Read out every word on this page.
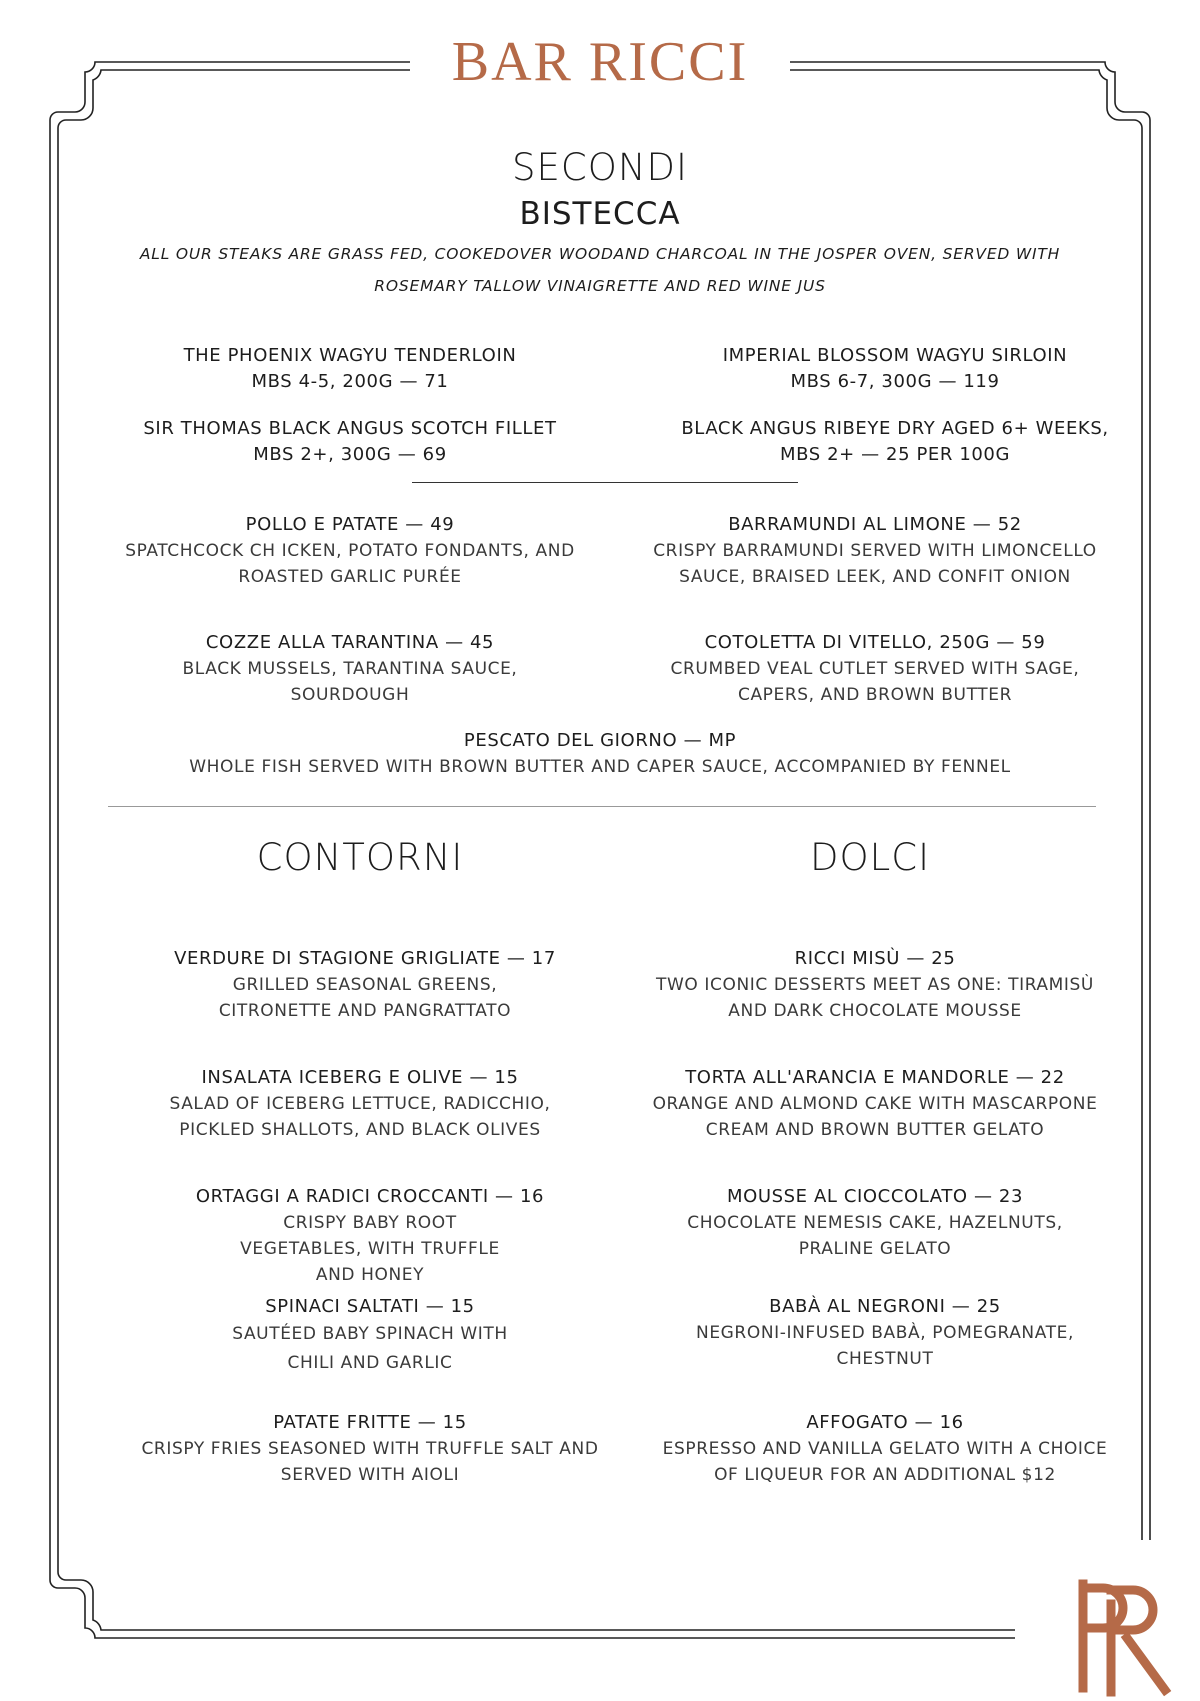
BAR RICCI
SECONDI
BISTECCA
ALL OUR STEAKS ARE GRASS FED, COOKEDOVER WOODAND CHARCOAL IN THE JOSPER OVEN, SERVED WITH ROSEMARY TALLOW VINAIGRETTE AND RED WINE JUS
THE PHOENIX WAGYU TENDERLOIN
MBS 4-5, 200G — 71
IMPERIAL BLOSSOM WAGYU SIRLOIN
MBS 6-7, 300G — 119
SIR THOMAS BLACK ANGUS SCOTCH FILLET
MBS 2+, 300G — 69
BLACK ANGUS RIBEYE DRY AGED 6+ WEEKS,
MBS 2+ — 25 PER 100G
POLLO E PATATE — 49
SPATCHCOCK CH ICKEN, POTATO FONDANTS, AND ROASTED GARLIC PURÉE
BARRAMUNDI AL LIMONE — 52
CRISPY BARRAMUNDI SERVED WITH LIMONCELLO SAUCE, BRAISED LEEK, AND CONFIT ONION
COZZE ALLA TARANTINA — 45
BLACK MUSSELS, TARANTINA SAUCE, SOURDOUGH
COTOLETTA DI VITELLO, 250G — 59
CRUMBED VEAL CUTLET SERVED WITH SAGE, CAPERS, AND BROWN BUTTER
PESCATO DEL GIORNO — MP
WHOLE FISH SERVED WITH BROWN BUTTER AND CAPER SAUCE, ACCOMPANIED BY FENNEL
CONTORNI	DOLCI
VERDURE DI STAGIONE GRIGLIATE — 17
GRILLED SEASONAL GREENS, CITRONETTE AND PANGRATTATO
INSALATA ICEBERG E OLIVE — 15
SALAD OF ICEBERG LETTUCE, RADICCHIO, PICKLED SHALLOTS, AND BLACK OLIVES
ORTAGGI A RADICI CROCCANTI — 16
CRISPY BABY ROOT VEGETABLES, WITH TRUFFLE AND HONEY
SPINACI SALTATI — 15
SAUTÉED BABY SPINACH WITH CHILI AND GARLIC
PATATE FRITTE — 15
CRISPY FRIES SEASONED WITH TRUFFLE SALT AND SERVED WITH AIOLI
RICCI MISÙ — 25
TWO ICONIC DESSERTS MEET AS ONE: TIRAMISÙ AND DARK CHOCOLATE MOUSSE
TORTA ALL'ARANCIA E MANDORLE — 22
ORANGE AND ALMOND CAKE WITH MASCARPONE CREAM AND BROWN BUTTER GELATO
MOUSSE AL CIOCCOLATO — 23
CHOCOLATE NEMESIS CAKE, HAZELNUTS, PRALINE GELATO
BABÀ AL NEGRONI — 25
NEGRONI-INFUSED BABÀ, POMEGRANATE, CHESTNUT
AFFOGATO — 16
ESPRESSO AND VANILLA GELATO WITH A CHOICE OF LIQUEUR FOR AN ADDITIONAL $12
